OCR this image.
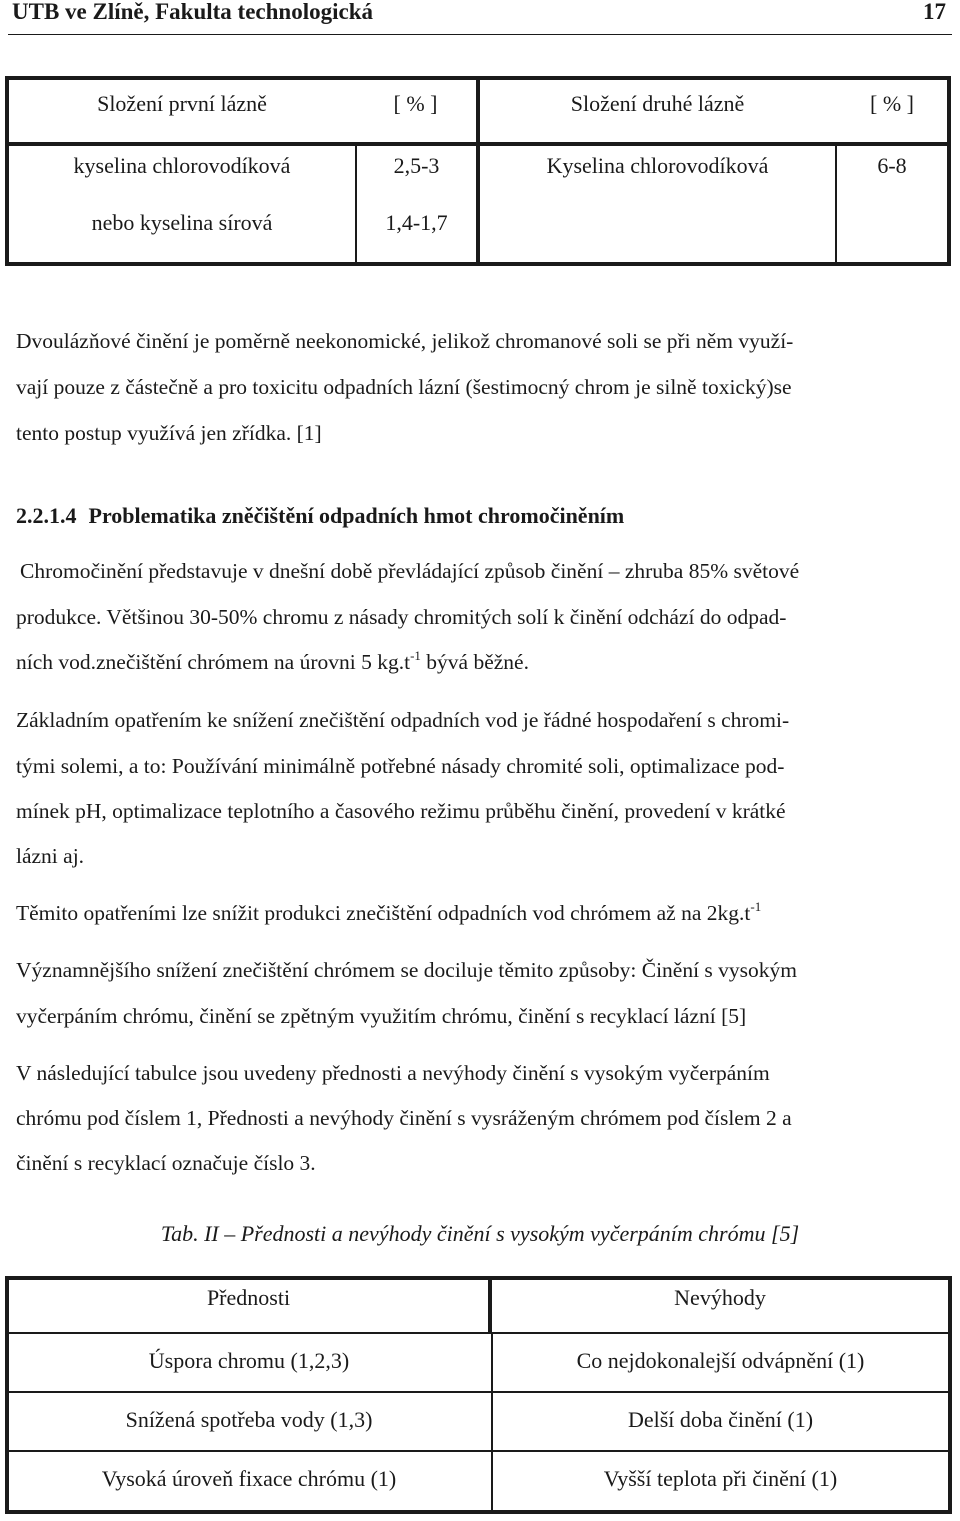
UTB ve Zlíně, Fakulta technologická	17
Složení první lázně	[ % ]	Složení druhé lázně	[ % ]
kyselina chlorovodíková	2,5-3	Kyselina chlorovodíková	6-8
nebo kyselina sírová	1,4-1,7
Dvoulázňové činění je poměrně neekonomické, jelikož chromanové soli se při něm využí-
vají pouze z částečně a pro toxicitu odpadních lázní (šestimocný chrom je silně toxický)se
tento postup využívá jen zřídka. [1]
2.2.1.4 Problematika zněčištění odpadních hmot chromočiněním
Chromočinění představuje v dnešní době převládající způsob činění – zhruba 85% světové
produkce. Většinou 30-50% chromu z násady chromitých solí k činění odchází do odpad-
ních vod.znečištění chrómem na úrovni 5 $kg.t^{-1}$ bývá běžné.
Základním opatřením ke snížení znečištění odpadních vod je řádné hospodaření s chromi-
tými solemi, a to: Používání minimálně potřebné násady chromité soli, optimalizace pod-
mínek pH, optimalizace teplotního a časového režimu průběhu činění, provedení v krátké
lázni aj.
Těmito opatřeními lze snížit produkci znečištění odpadních vod chrómem až na $2kg.t^{-1}$
Významnějšího snížení znečištění chrómem se dociluje těmito způsoby: Činění s vysokým
vyčerpáním chrómu, činění se zpětným využitím chrómu, činění s recyklací lázní [5]
V následující tabulce jsou uvedeny přednosti a nevýhody činění s vysokým vyčerpáním
chrómu pod číslem 1, Přednosti a nevýhody činění s vysráženým chrómem pod číslem 2 a
činění s recyklací označuje číslo 3.
Tab. II – Přednosti a nevýhody činění s vysokým vyčerpáním chrómu [5]
Přednosti	Nevýhody
Úspora chromu (1,2,3)	Co nejdokonalejší odvápnění (1)
Snížená spotřeba vody (1,3)	Delší doba činění (1)
Vysoká úroveň fixace chrómu (1)	Vyšší teplota při činění (1)
